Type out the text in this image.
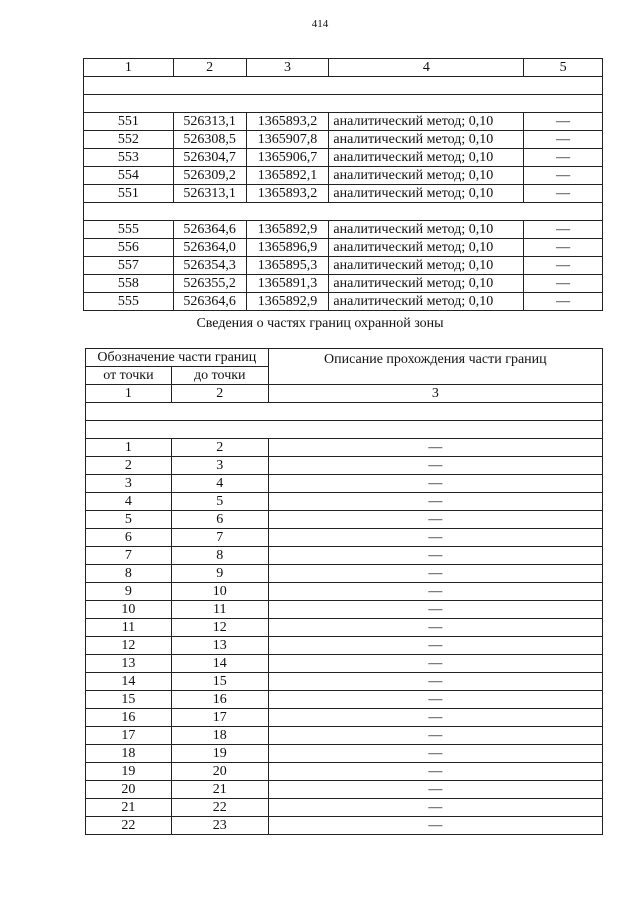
414
1	2	3	4	5

551	526313,1	1365893,2	аналитический метод; 0,10	—
552	526308,5	1365907,8	аналитический метод; 0,10	—
553	526304,7	1365906,7	аналитический метод; 0,10	—
554	526309,2	1365892,1	аналитический метод; 0,10	—
551	526313,1	1365893,2	аналитический метод; 0,10	—

555	526364,6	1365892,9	аналитический метод; 0,10	—
556	526364,0	1365896,9	аналитический метод; 0,10	—
557	526354,3	1365895,3	аналитический метод; 0,10	—
558	526355,2	1365891,3	аналитический метод; 0,10	—
555	526364,6	1365892,9	аналитический метод; 0,10	—
Сведения о частях границ охранной зоны
Обозначение части границ		Описание прохождения части границ
от точки	до точки	
1	2	3

1	2	—
2	3	—
3	4	—
4	5	—
5	6	—
6	7	—
7	8	—
8	9	—
9	10	—
10	11	—
11	12	—
12	13	—
13	14	—
14	15	—
15	16	—
16	17	—
17	18	—
18	19	—
19	20	—
20	21	—
21	22	—
22	23	—
